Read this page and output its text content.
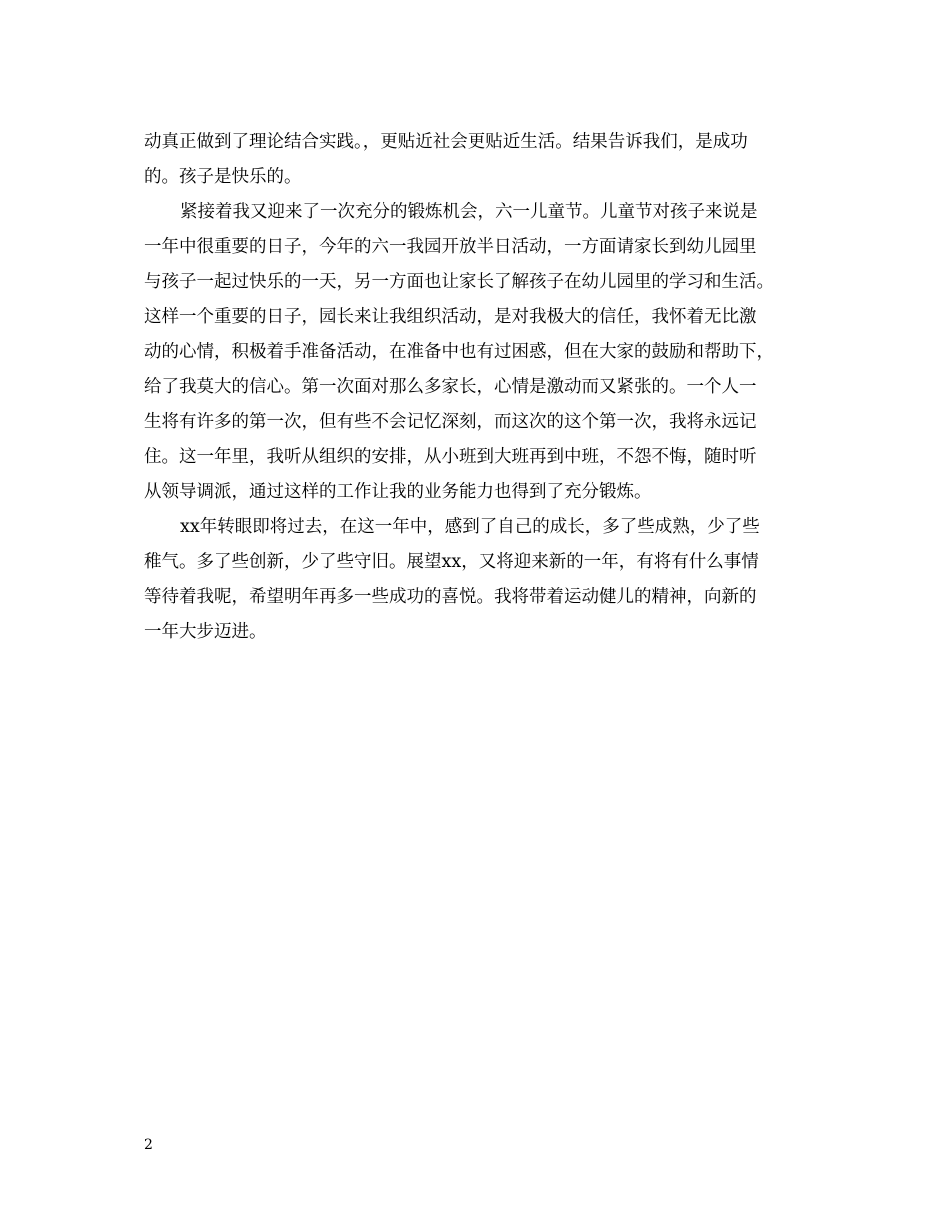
动真正做到了理论结合实践。，更贴近社会更贴近生活。结果告诉我们，是成功
的。孩子是快乐的。
紧接着我又迎来了一次充分的锻炼机会，六一儿童节。儿童节对孩子来说是
一年中很重要的日子，今年的六一我园开放半日活动，一方面请家长到幼儿园里
与孩子一起过快乐的一天，另一方面也让家长了解孩子在幼儿园里的学习和生活。
这样一个重要的日子，园长来让我组织活动，是对我极大的信任，我怀着无比激
动的心情，积极着手准备活动，在准备中也有过困惑，但在大家的鼓励和帮助下，
给了我莫大的信心。第一次面对那么多家长，心情是激动而又紧张的。一个人一
生将有许多的第一次，但有些不会记忆深刻，而这次的这个第一次，我将永远记
住。这一年里，我听从组织的安排，从小班到大班再到中班，不怨不悔，随时听
从领导调派，通过这样的工作让我的业务能力也得到了充分锻炼。
xx年转眼即将过去，在这一年中，感到了自己的成长，多了些成熟，少了些
稚气。多了些创新，少了些守旧。展望xx，又将迎来新的一年，有将有什么事情
等待着我呢，希望明年再多一些成功的喜悦。我将带着运动健儿的精神，向新的
一年大步迈进。
2
